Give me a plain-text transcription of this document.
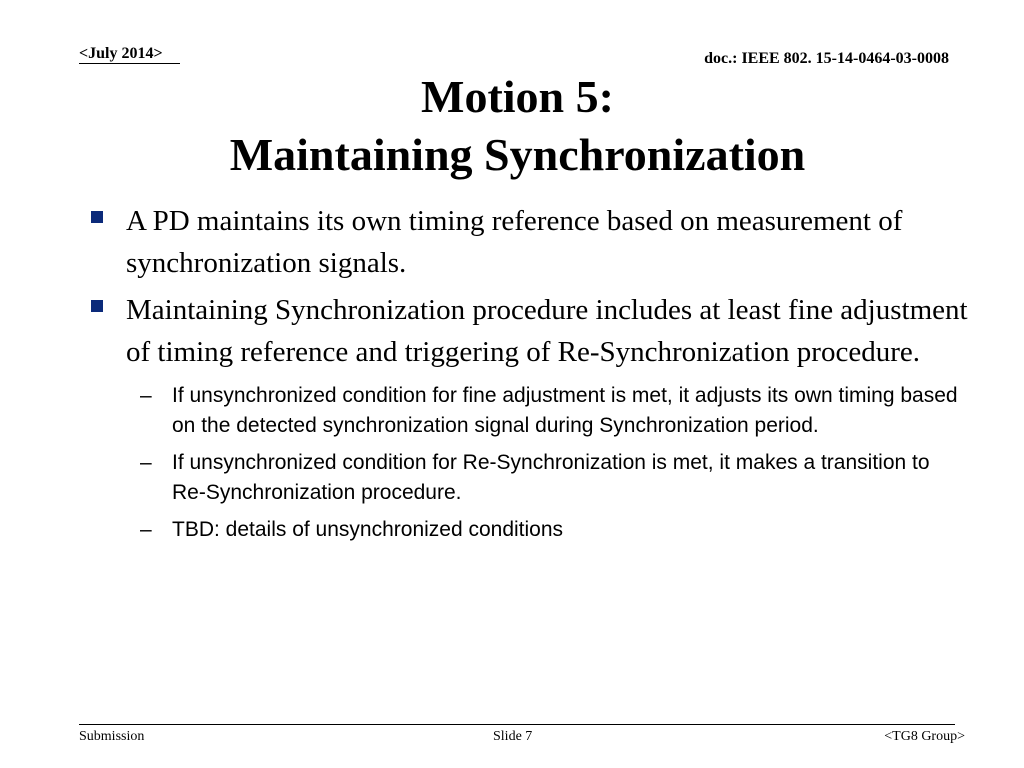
<July 2014>	doc.: IEEE 802. 15-14-0464-03-0008
Motion 5:
Maintaining Synchronization
A PD maintains its own timing reference based on measurement of synchronization signals.
Maintaining Synchronization procedure includes at least fine adjustment of timing reference and triggering of Re-Synchronization procedure.
– If unsynchronized condition for fine adjustment is met, it adjusts its own timing based on the detected synchronization signal during Synchronization period.
– If unsynchronized condition for Re-Synchronization is met, it makes a transition to Re-Synchronization procedure.
– TBD: details of unsynchronized conditions
Submission	Slide 7	<TG8 Group>
